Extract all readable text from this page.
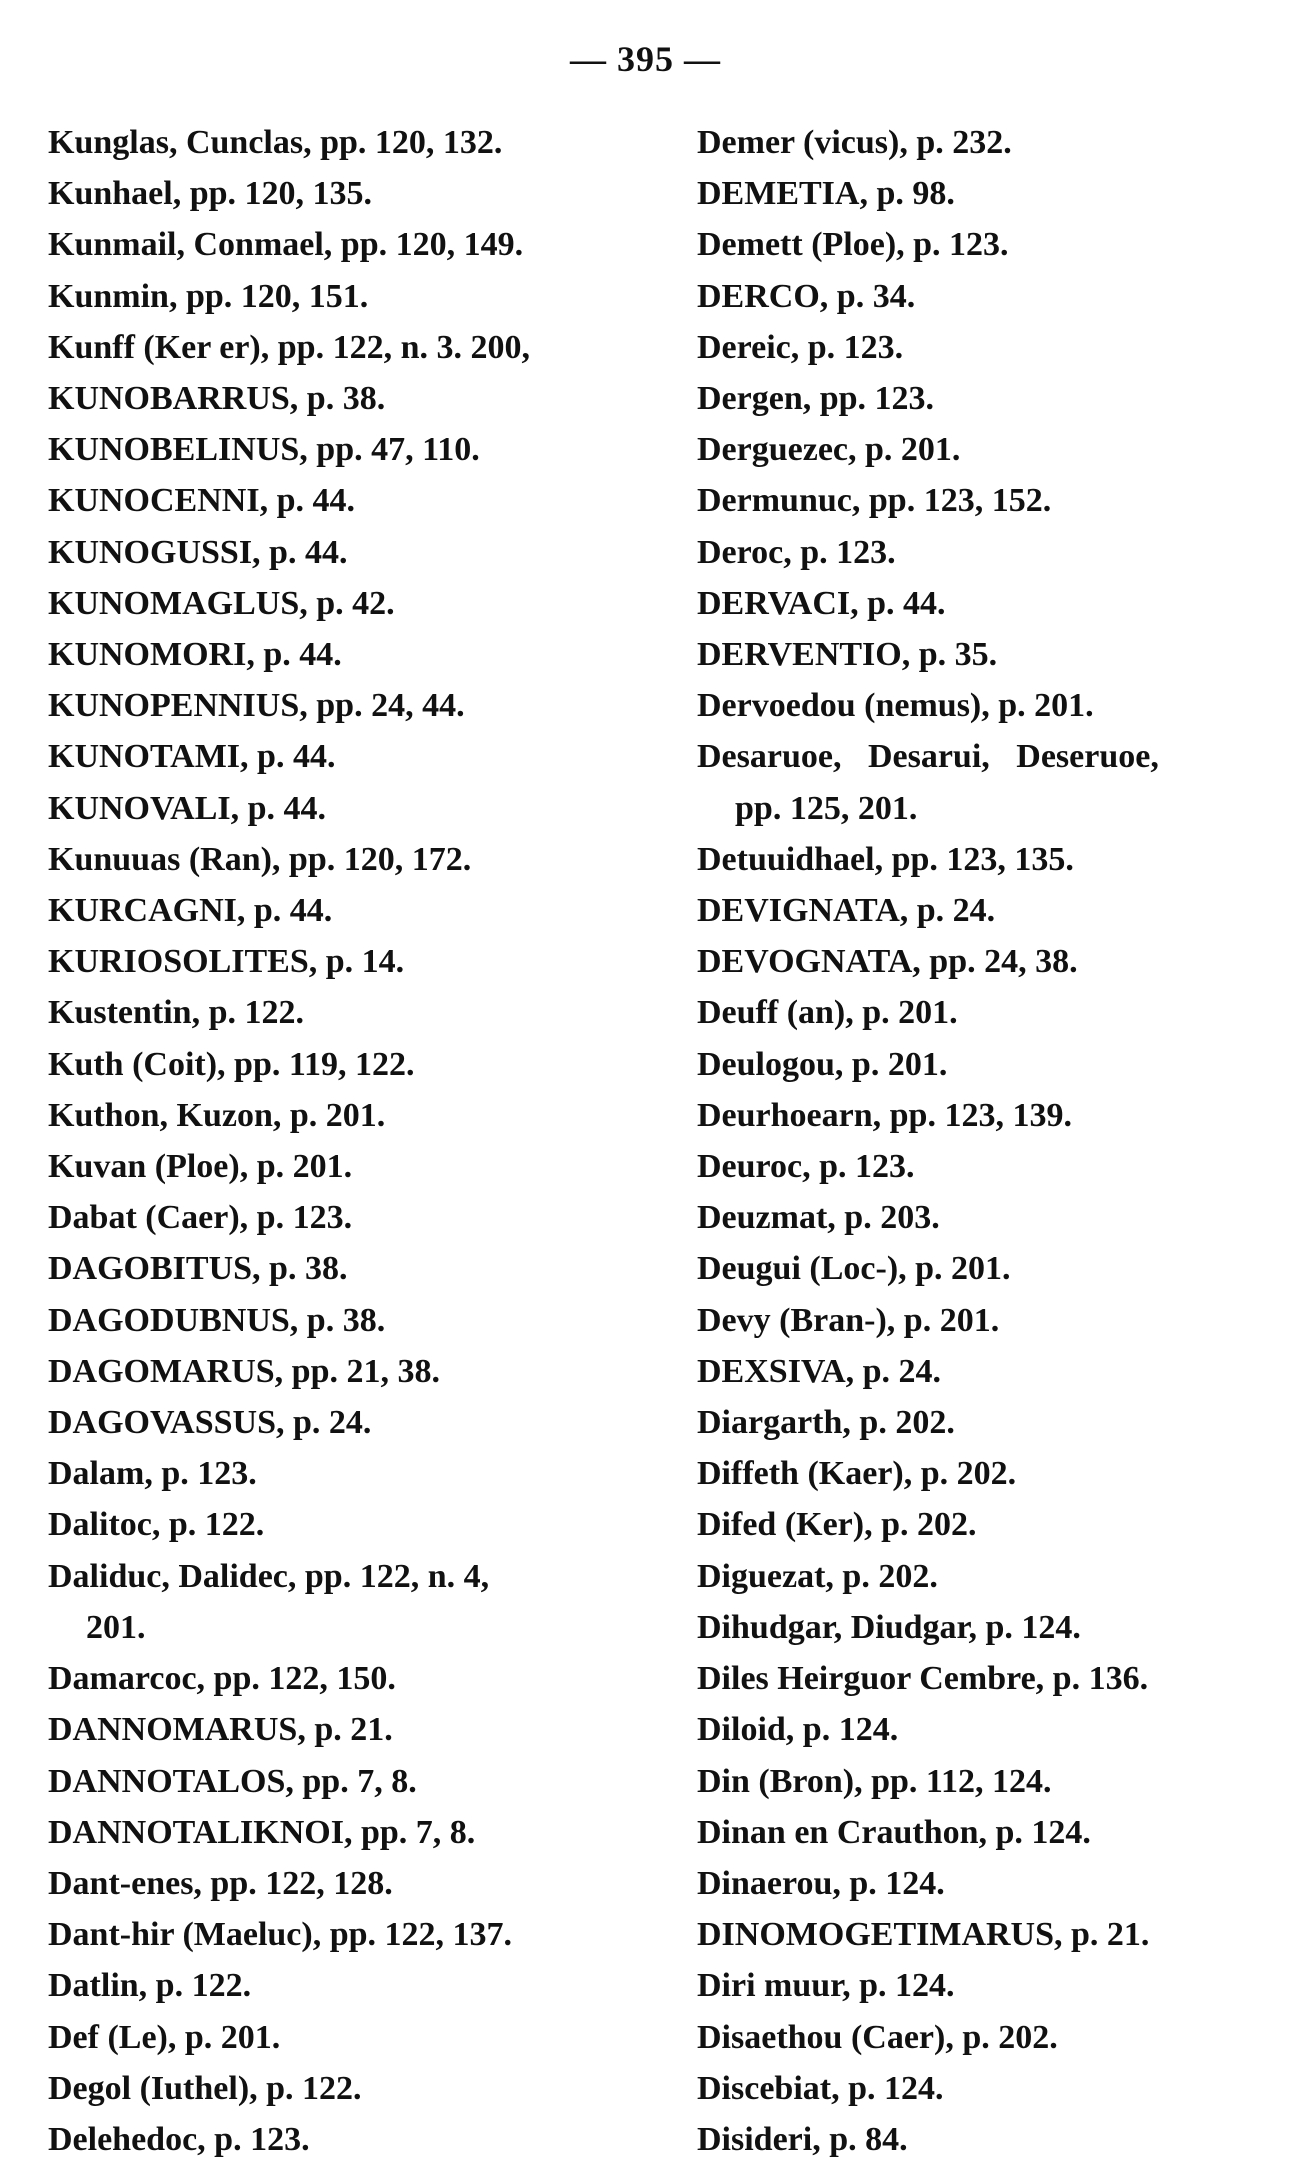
— 395 —
Kunglas, Cunclas, pp. 120, 132.
Kunhael, pp. 120, 135.
Kunmail, Conmael, pp. 120, 149.
Kunmin, pp. 120, 151.
Kunff (Ker er), pp. 122, n. 3. 200,
KUNOBARRUS, p. 38.
KUNOBELINUS, pp. 47, 110.
KUNOCENNI, p. 44.
KUNOGUSSI, p. 44.
KUNOMAGLUS, p. 42.
KUNOMORI, p. 44.
KUNOPENNIUS, pp. 24, 44.
KUNOTAMI, p. 44.
KUNOVALI, p. 44.
Kunuuas (Ran), pp. 120, 172.
KURCAGNI, p. 44.
KURIOSOLITES, p. 14.
Kustentin, p. 122.
Kuth (Coit), pp. 119, 122.
Kuthon, Kuzon, p. 201.
Kuvan (Ploe), p. 201.
Dabat (Caer), p. 123.
DAGOBITUS, p. 38.
DAGODUBNUS, p. 38.
DAGOMARUS, pp. 21, 38.
DAGOVASSUS, p. 24.
Dalam, p. 123.
Dalitoc, p. 122.
Daliduc, Dalidec, pp. 122, n. 4,
201.
Damarcoc, pp. 122, 150.
DANNOMARUS, p. 21.
DANNOTALOS, pp. 7, 8.
DANNOTALIKNOI, pp. 7, 8.
Dant-enes, pp. 122, 128.
Dant-hir (Maeluc), pp. 122, 137.
Datlin, p. 122.
Def (Le), p. 201.
Degol (Iuthel), p. 122.
Delehedoc, p. 123.
Demer (vicus), p. 232.
DEMETIA, p. 98.
Demett (Ploe), p. 123.
DERCO, p. 34.
Dereic, p. 123.
Dergen, pp. 123.
Derguezec, p. 201.
Dermunuc, pp. 123, 152.
Deroc, p. 123.
DERVACI, p. 44.
DERVENTIO, p. 35.
Dervoedou (nemus), p. 201.
Desaruoe, Desarui, Deseruoe,
pp. 125, 201.
Detuuidhael, pp. 123, 135.
DEVIGNATA, p. 24.
DEVOGNATA, pp. 24, 38.
Deuff (an), p. 201.
Deulogou, p. 201.
Deurhoearn, pp. 123, 139.
Deuroc, p. 123.
Deuzmat, p. 203.
Deugui (Loc-), p. 201.
Devy (Bran-), p. 201.
DEXSIVA, p. 24.
Diargarth, p. 202.
Diffeth (Kaer), p. 202.
Difed (Ker), p. 202.
Diguezat, p. 202.
Dihudgar, Diudgar, p. 124.
Diles Heirguor Cembre, p. 136.
Diloid, p. 124.
Din (Bron), pp. 112, 124.
Dinan en Crauthon, p. 124.
Dinaerou, p. 124.
DINOMOGETIMARUS, p. 21.
Diri muur, p. 124.
Disaethou (Caer), p. 202.
Discebiat, p. 124.
Disideri, p. 84.
